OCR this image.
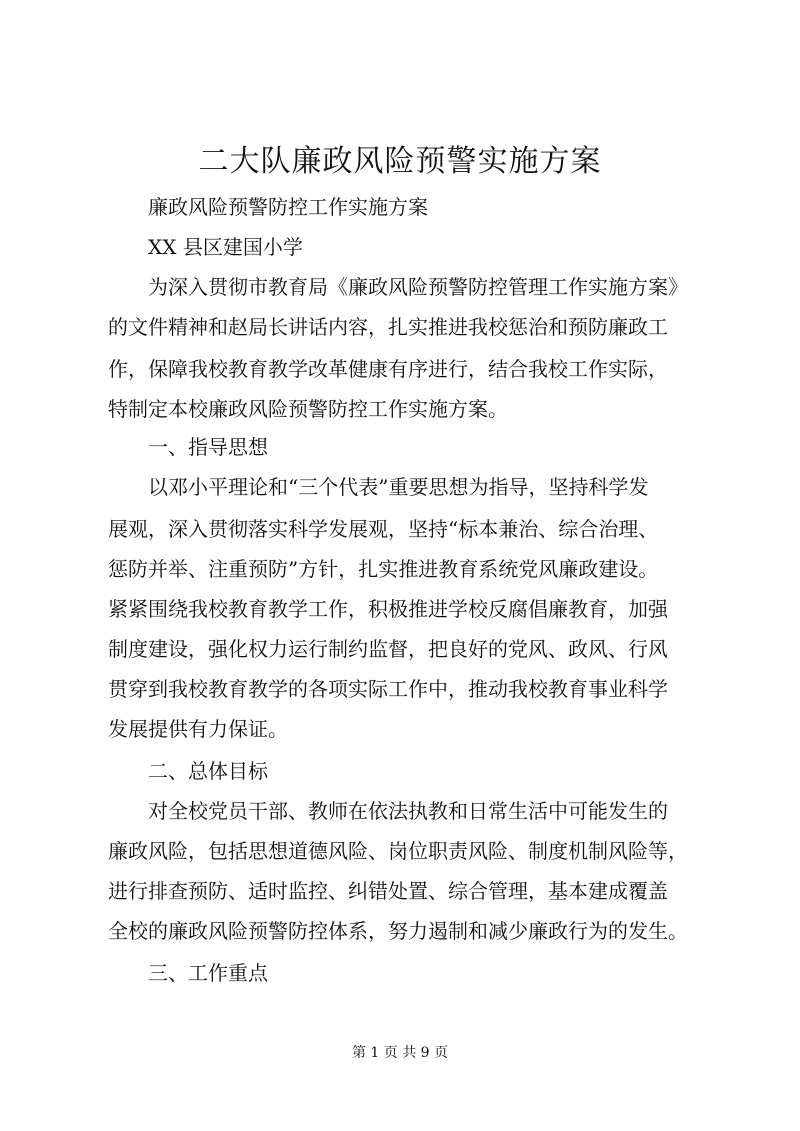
二大队廉政风险预警实施方案
廉政风险预警防控工作实施方案
XX 县区建国小学
为深入贯彻市教育局《廉政风险预警防控管理工作实施方案》
的文件精神和赵局长讲话内容，扎实推进我校惩治和预防廉政工
作，保障我校教育教学改革健康有序进行，结合我校工作实际，
特制定本校廉政风险预警防控工作实施方案。
一、指导思想
以邓小平理论和“三个代表”重要思想为指导，坚持科学发
展观，深入贯彻落实科学发展观，坚持“标本兼治、综合治理、
惩防并举、注重预防”方针，扎实推进教育系统党风廉政建设。
紧紧围绕我校教育教学工作，积极推进学校反腐倡廉教育，加强
制度建设，强化权力运行制约监督，把良好的党风、政风、行风
贯穿到我校教育教学的各项实际工作中，推动我校教育事业科学
发展提供有力保证。
二、总体目标
对全校党员干部、教师在依法执教和日常生活中可能发生的
廉政风险，包括思想道德风险、岗位职责风险、制度机制风险等，
进行排查预防、适时监控、纠错处置、综合管理，基本建成覆盖
全校的廉政风险预警防控体系，努力遏制和减少廉政行为的发生。
三、工作重点
第 1 页 共 9 页
